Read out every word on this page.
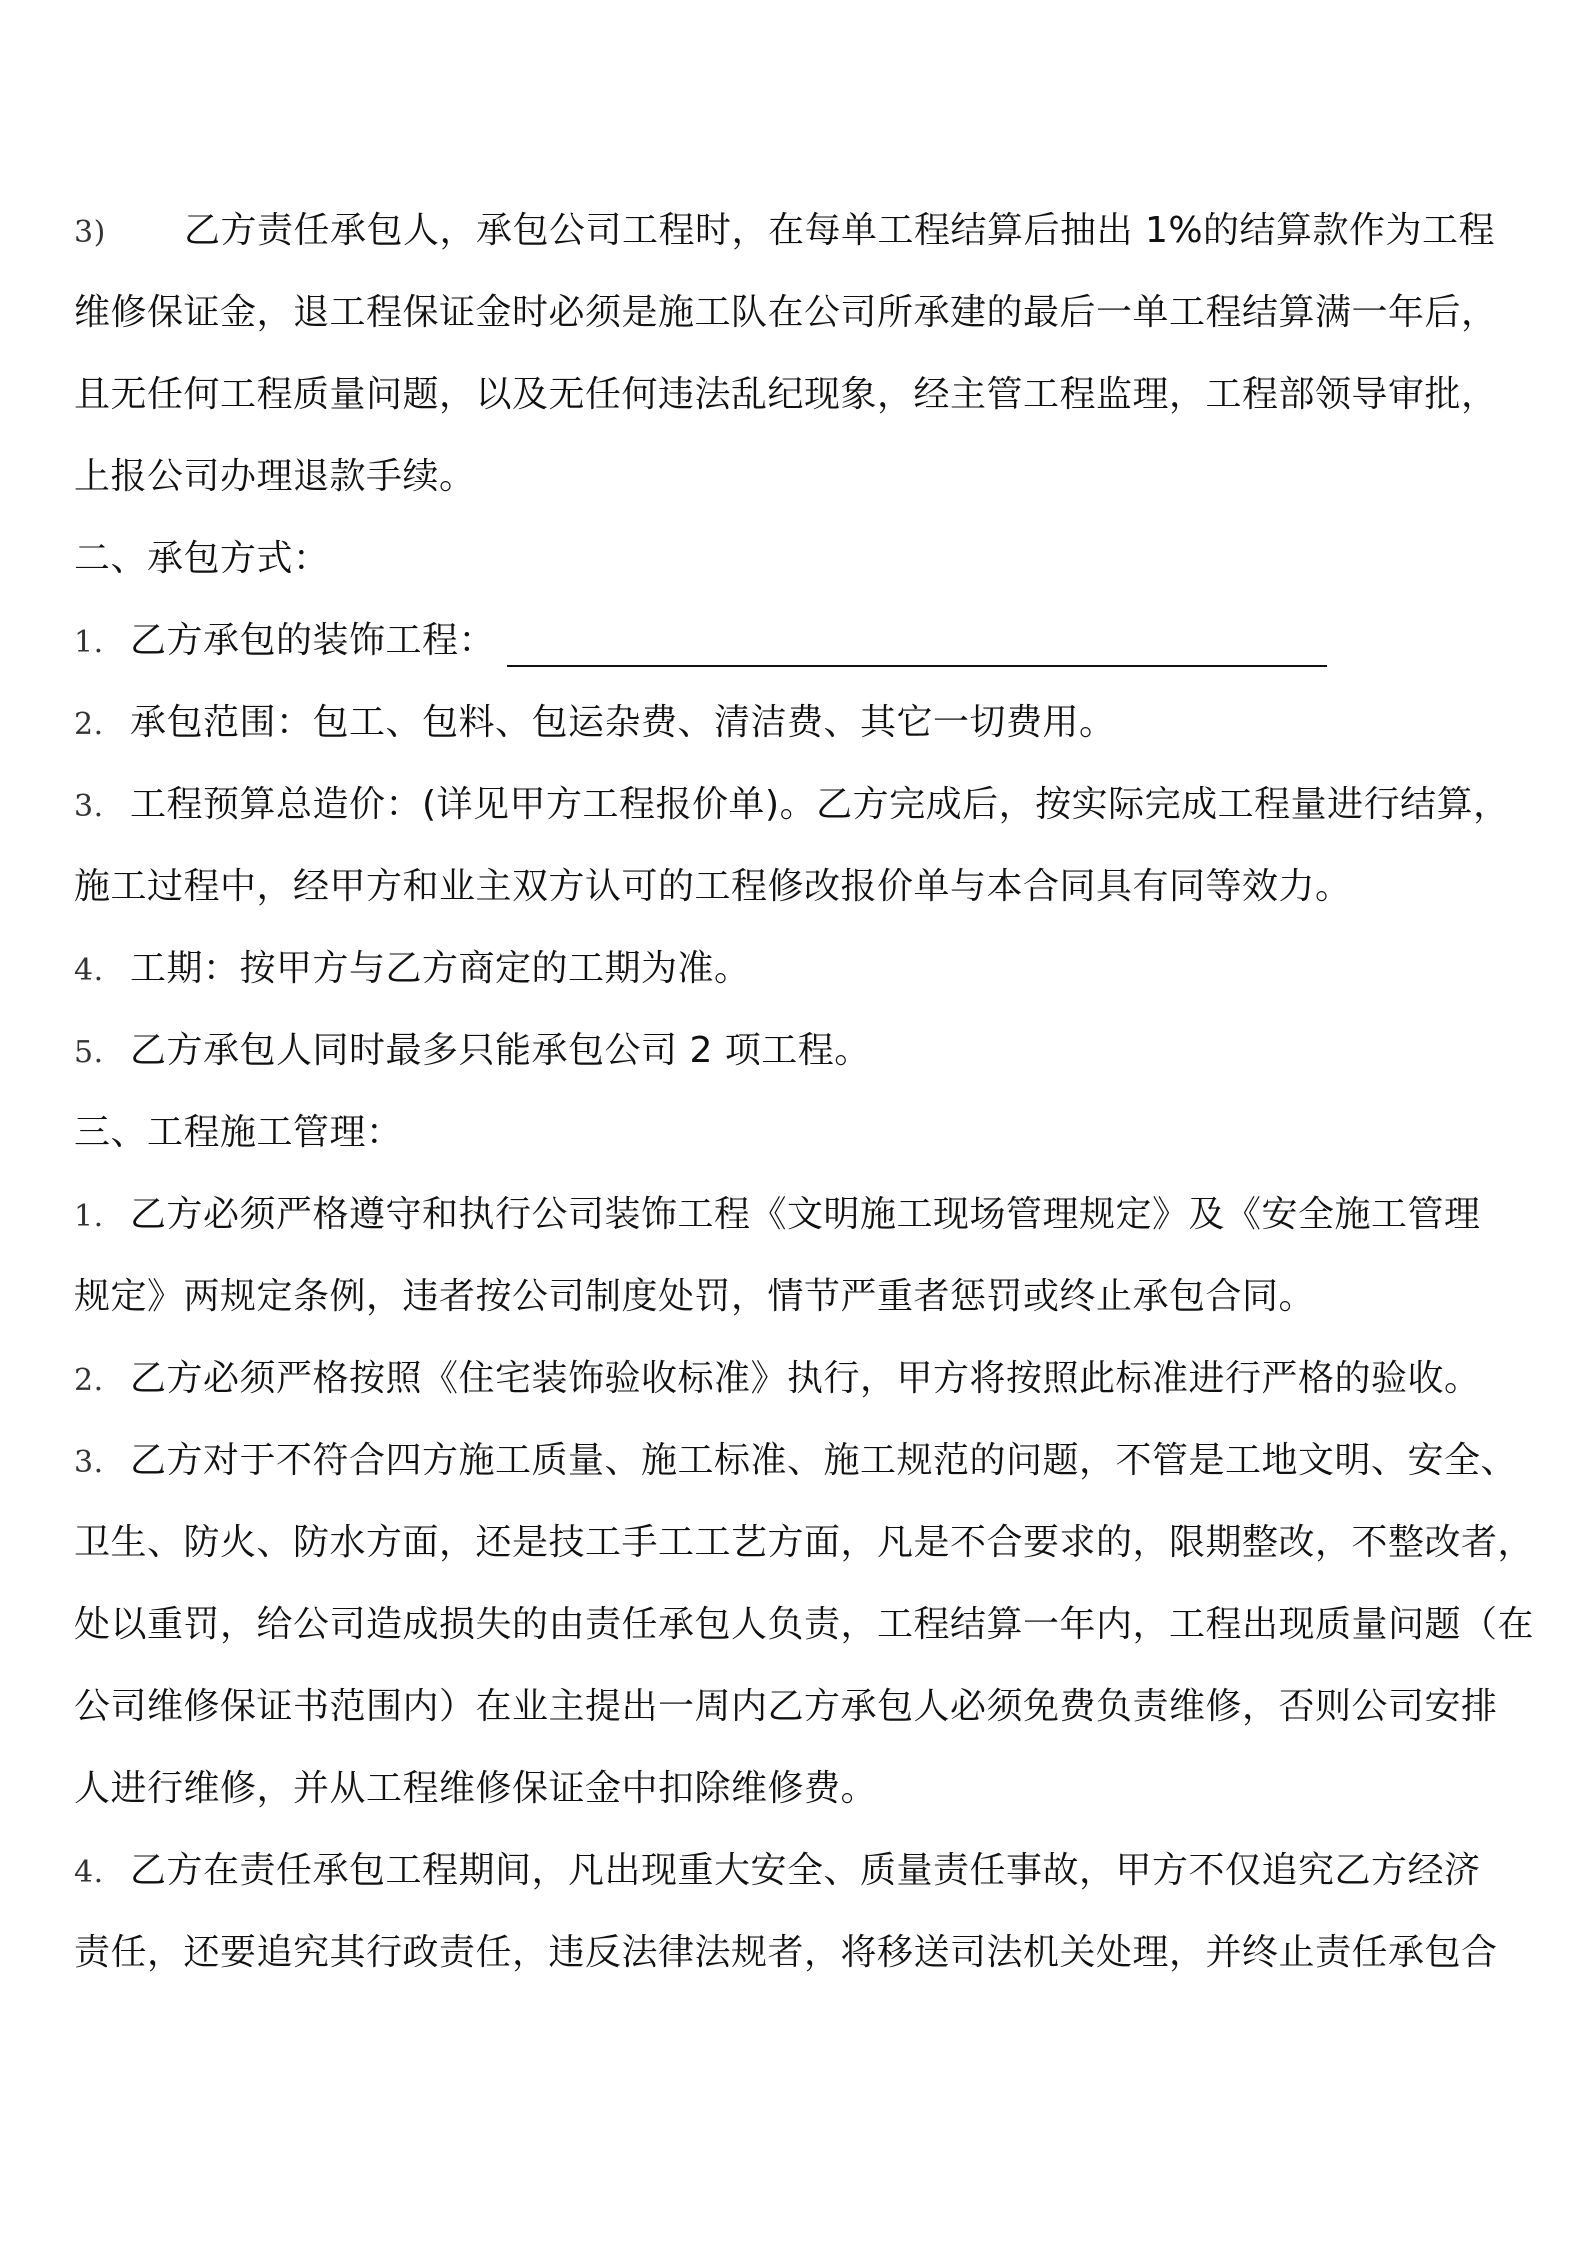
3) 乙方责任承包人，承包公司工程时，在每单工程结算后抽出 1%的结算款作为工程
维修保证金，退工程保证金时必须是施工队在公司所承建的最后一单工程结算满一年后，
且无任何工程质量问题，以及无任何违法乱纪现象，经主管工程监理，工程部领导审批，
上报公司办理退款手续。
二、承包方式：
1. 乙方承包的装饰工程：
2. 承包范围：包工、包料、包运杂费、清洁费、其它一切费用。
3. 工程预算总造价：(详见甲方工程报价单)。乙方完成后，按实际完成工程量进行结算，
施工过程中，经甲方和业主双方认可的工程修改报价单与本合同具有同等效力。
4. 工期：按甲方与乙方商定的工期为准。
5. 乙方承包人同时最多只能承包公司 2 项工程。
三、工程施工管理：
1. 乙方必须严格遵守和执行公司装饰工程《文明施工现场管理规定》及《安全施工管理
规定》两规定条例，违者按公司制度处罚，情节严重者惩罚或终止承包合同。
2. 乙方必须严格按照《住宅装饰验收标准》执行，甲方将按照此标准进行严格的验收。
3. 乙方对于不符合四方施工质量、施工标准、施工规范的问题，不管是工地文明、安全、
卫生、防火、防水方面，还是技工手工工艺方面，凡是不合要求的，限期整改，不整改者，
处以重罚，给公司造成损失的由责任承包人负责，工程结算一年内，工程出现质量问题（在
公司维修保证书范围内）在业主提出一周内乙方承包人必须免费负责维修，否则公司安排
人进行维修，并从工程维修保证金中扣除维修费。
4. 乙方在责任承包工程期间，凡出现重大安全、质量责任事故，甲方不仅追究乙方经济
责任，还要追究其行政责任，违反法律法规者，将移送司法机关处理，并终止责任承包合
